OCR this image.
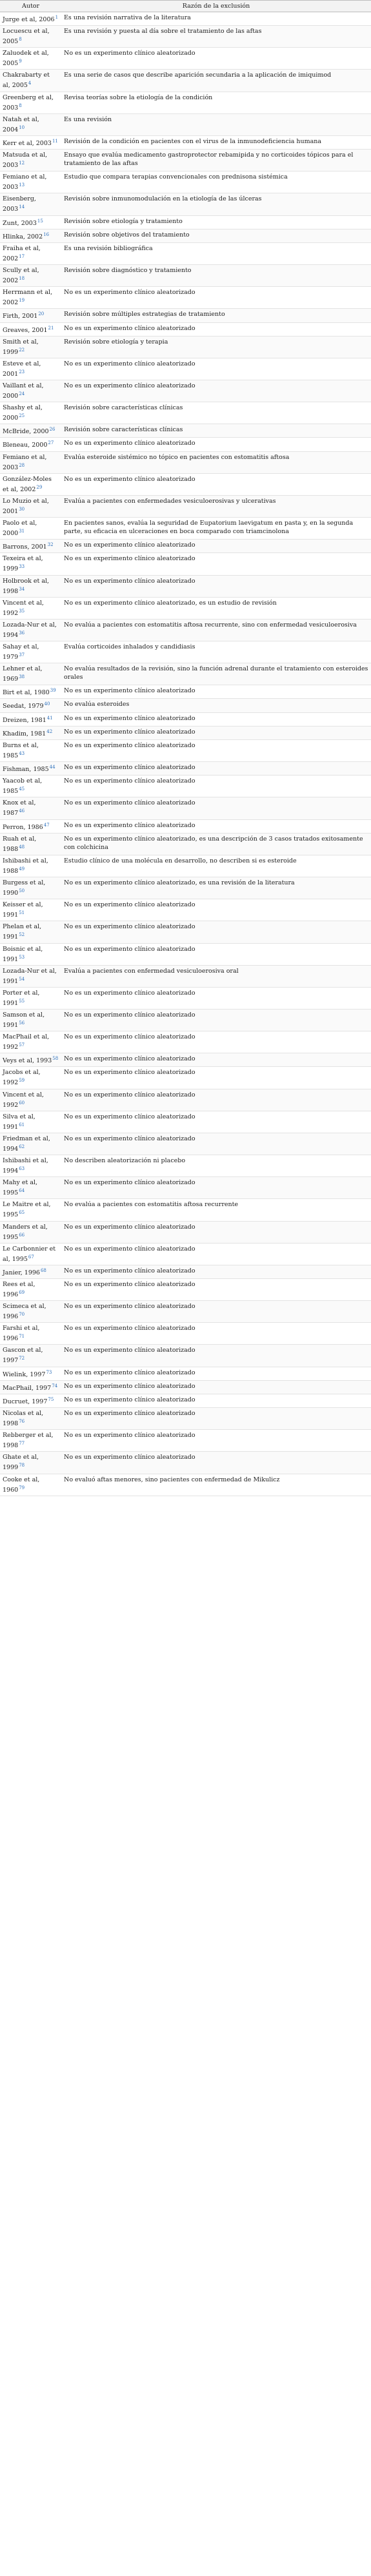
Autor	Razón de la exclusión
Jurge et al, 2006$^1$	Es una revisión narrativa de la literatura
Locuescu et al, 2005$^8$	Es una revisión y puesta al día sobre el tratamiento de las aftas
Zaluodek et al, 2005$^9$	No es un experimento clínico aleatorizado
Chakrabarty et al, 2005$^4$	Es una serie de casos que describe aparición secundaria a la aplicación de imiquimod
Greenberg et al, 2003$^8$	Revisa teorías sobre la etiología de la condición
Natah et al, 2004$^{10}$	Es una revisión
Kerr et al, 2003$^{11}$	Revisión de la condición en pacientes con el virus de la inmunodeficiencia humana
Matsuda et al, 2003$^{12}$	Ensayo que evalúa medicamento gastroprotector rebamipida y no corticoides tópicos para el tratamiento de las aftas
Femiano et al, 2003$^{13}$	Estudio que compara terapias convencionales con prednisona sistémica
Eisenberg, 2003$^{14}$	Revisión sobre inmunomodulación en la etiología de las úlceras
Zunt, 2003$^{15}$	Revisión sobre etiología y tratamiento
Hlinka, 2002$^{16}$	Revisión sobre objetivos del tratamiento
Fraiha et al, 2002$^{17}$	Es una revisión bibliográfica
Scully et al, 2002$^{18}$	Revisión sobre diagnóstico y tratamiento
Herrmann et al, 2002$^{19}$	No es un experimento clínico aleatorizado
Firth, 2001$^{20}$	Revisión sobre múltiples estrategias de tratamiento
Greaves, 2001$^{21}$	No es un experimento clínico aleatorizado
Smith et al, 1999$^{22}$	Revisión sobre etiología y terapia
Esteve et al, 2001$^{23}$	No es un experimento clínico aleatorizado
Vaillant et al, 2000$^{24}$	No es un experimento clínico aleatorizado
Shashy et al, 2000$^{25}$	Revisión sobre características clínicas
McBride, 2000$^{26}$	Revisión sobre características clínicas
Bleneau, 2000$^{27}$	No es un experimento clínico aleatorizado
Femiano et al, 2003$^{28}$	Evalúa esteroide sistémico no tópico en pacientes con estomatitis aftosa
González-Moles et al, 2002$^{29}$	No es un experimento clínico aleatorizado
Lo Muzio et al, 2001$^{30}$	Evalúa a pacientes con enfermedades vesiculoerosivas y ulcerativas
Paolo et al, 2000$^{31}$	En pacientes sanos, evalúa la seguridad de Eupatorium laevigatum en pasta y, en la segunda parte, su eficacia en ulceraciones en boca comparado con triamcinolona
Barrons, 2001$^{32}$	No es un experimento clínico aleatorizado
Texeira et al, 1999$^{33}$	No es un experimento clínico aleatorizado
Holbrook et al, 1998$^{34}$	No es un experimento clínico aleatorizado
Vincent et al, 1992$^{35}$	No es un experimento clínico aleatorizado, es un estudio de revisión
Lozada-Nur et al, 1994$^{36}$	No evalúa a pacientes con estomatitis aftosa recurrente, sino con enfermedad vesiculoerosiva
Sahay et al, 1979$^{37}$	Evalúa corticoides inhalados y candidiasis
Lehner et al, 1969$^{38}$	No evalúa resultados de la revisión, sino la función adrenal durante el tratamiento con esteroides orales
Birt et al, 1980$^{39}$	No es un experimento clínico aleatorizado
Seedat, 1979$^{40}$	No evalúa esteroides
Dreizen, 1981$^{41}$	No es un experimento clínico aleatorizado
Khadim, 1981$^{42}$	No es un experimento clínico aleatorizado
Burns et al, 1985$^{43}$	No es un experimento clínico aleatorizado
Fishman, 1985$^{44}$	No es un experimento clínico aleatorizado
Yaacob et al, 1985$^{45}$	No es un experimento clínico aleatorizado
Knox et al, 1987$^{46}$	No es un experimento clínico aleatorizado
Perron, 1986$^{47}$	No es un experimento clínico aleatorizado
Ruah et al, 1988$^{48}$	No es un experimento clínico aleatorizado, es una descripción de 3 casos tratados exitosamente con colchicina
Ishibashi et al, 1988$^{49}$	Estudio clínico de una molécula en desarrollo, no describen si es esteroide
Burgess et al, 1990$^{50}$	No es un experimento clínico aleatorizado, es una revisión de la literatura
Keisser et al, 1991$^{51}$	No es un experimento clínico aleatorizado
Phelan et al, 1991$^{52}$	No es un experimento clínico aleatorizado
Boisnic et al, 1991$^{53}$	No es un experimento clínico aleatorizado
Lozada-Nur et al, 1991$^{54}$	Evalúa a pacientes con enfermedad vesiculoerosiva oral
Porter et al, 1991$^{55}$	No es un experimento clínico aleatorizado
Samson et al, 1991$^{56}$	No es un experimento clínico aleatorizado
MacPhail et al, 1992$^{57}$	No es un experimento clínico aleatorizado
Veys et al, 1993$^{58}$	No es un experimento clínico aleatorizado
Jacobs et al, 1992$^{59}$	No es un experimento clínico aleatorizado
Vincent et al, 1992$^{60}$	No es un experimento clínico aleatorizado
Silva et al, 1991$^{61}$	No es un experimento clínico aleatorizado
Friedman et al, 1994$^{62}$	No es un experimento clínico aleatorizado
Ishibashi et al, 1994$^{63}$	No describen aleatorización ni placebo
Mahy et al, 1995$^{64}$	No es un experimento clínico aleatorizado
Le Maitre et al, 1995$^{65}$	No evalúa a pacientes con estomatitis aftosa recurrente
Manders et al, 1995$^{66}$	No es un experimento clínico aleatorizado
Le Carbonnier et al, 1995$^{67}$	No es un experimento clínico aleatorizado
Janier, 1996$^{68}$	No es un experimento clínico aleatorizado
Rees et al, 1996$^{69}$	No es un experimento clínico aleatorizado
Scimeca et al, 1996$^{70}$	No es un experimento clínico aleatorizado
Farshi et al, 1996$^{71}$	No es un experimento clínico aleatorizado
Gascon et al, 1997$^{72}$	No es un experimento clínico aleatorizado
Wielink, 1997$^{73}$	No es un experimento clínico aleatorizado
MacPhail, 1997$^{74}$	No es un experimento clínico aleatorizado
Ducruet, 1997$^{75}$	No es un experimento clínico aleatorizado
Nicolas et al, 1998$^{76}$	No es un experimento clínico aleatorizado
Rebberger et al, 1998$^{77}$	No es un experimento clínico aleatorizado
Ghate et al, 1999$^{78}$	No es un experimento clínico aleatorizado
Cooke et al, 1960$^{79}$	No evaluó aftas menores, sino pacientes con enfermedad de Mikulicz
